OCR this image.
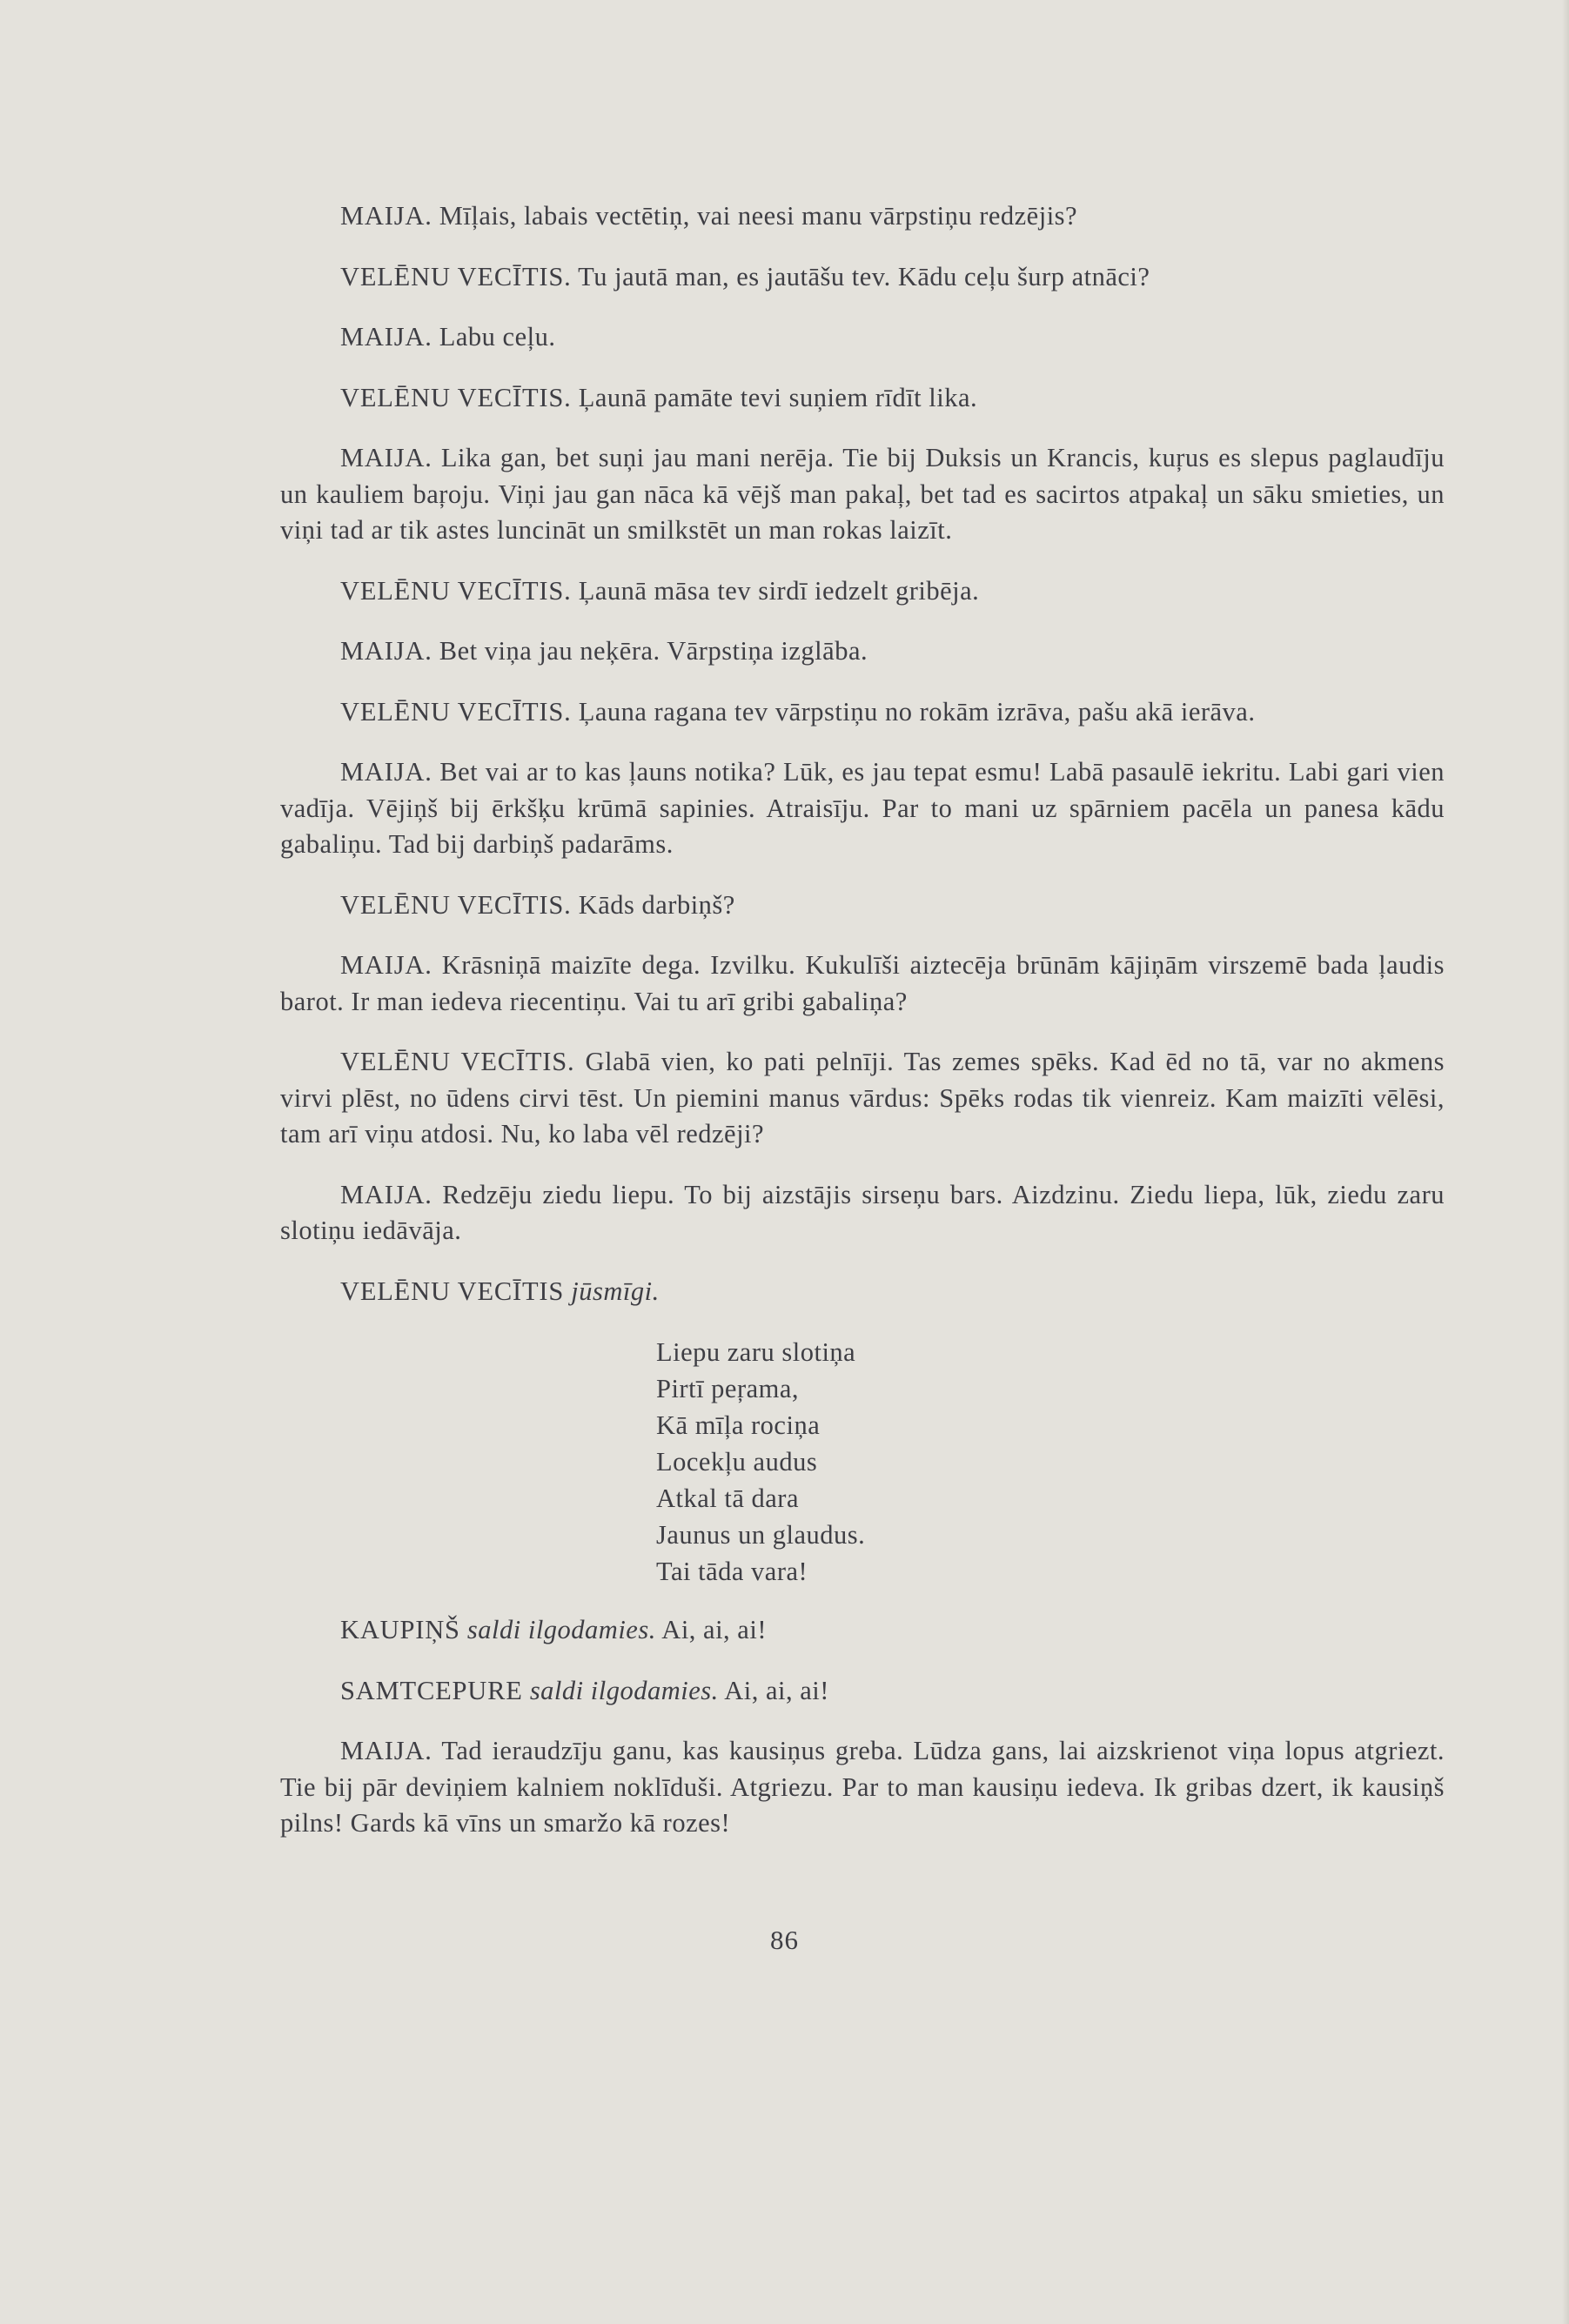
MAIJA. Mīļais, labais vectētiņ, vai neesi manu vārpstiņu redzējis?

VELĒNU VECĪTIS. Tu jautā man, es jautāšu tev. Kādu ceļu šurp atnāci?

MAIJA. Labu ceļu.

VELĒNU VECĪTIS. Ļaunā pamāte tevi suņiem rīdīt lika.

MAIJA. Lika gan, bet suņi jau mani nerēja. Tie bij Duksis un Krancis, kuŗus es slepus paglaudīju un kauliem baŗoju. Viņi jau gan nāca kā vējš man pakaļ, bet tad es sacirtos atpakaļ un sāku smieties, un viņi tad ar tik astes luncināt un smilkstēt un man rokas laizīt.

VELĒNU VECĪTIS. Ļaunā māsa tev sirdī iedzelt gribēja.

MAIJA. Bet viņa jau neķēra. Vārpstiņa izglāba.

VELĒNU VECĪTIS. Ļauna ragana tev vārpstiņu no rokām izrāva, pašu akā ierāva.

MAIJA. Bet vai ar to kas ļauns notika? Lūk, es jau tepat esmu! Labā pasaulē iekritu. Labi gari vien vadīja. Vējiņš bij ērkšķu krūmā sapinies. Atraisīju. Par to mani uz spārniem pacēla un panesa kādu gabaliņu. Tad bij darbiņš padarāms.

VELĒNU VECĪTIS. Kāds darbiņš?

MAIJA. Krāsniņā maizīte dega. Izvilku. Kukulīši aiztecēja brūnām kājiņām virszemē bada ļaudis barot. Ir man iedeva riecentiņu. Vai tu arī gribi gabaliņa?

VELĒNU VECĪTIS. Glabā vien, ko pati pelnīji. Tas zemes spēks. Kad ēd no tā, var no akmens virvi plēst, no ūdens cirvi tēst. Un piemini manus vārdus: Spēks rodas tik vienreiz. Kam maizīti vēlēsi, tam arī viņu atdosi. Nu, ko laba vēl redzēji?

MAIJA. Redzēju ziedu liepu. To bij aizstājis sirseņu bars. Aizdzinu. Ziedu liepa, lūk, ziedu zaru slotiņu iedāvāja.

VELĒNU VECĪTIS jūsmīgi.

Liepu zaru slotiņa
Pirtī peŗama,
Kā mīļa rociņa
Locekļu audus
Atkal tā dara
Jaunus un glaudus.
Tai tāda vara!

KAUPIŅŠ saldi ilgodamies. Ai, ai, ai!

SAMTCEPURE saldi ilgodamies. Ai, ai, ai!

MAIJA. Tad ieraudzīju ganu, kas kausiņus greba. Lūdza gans, lai aizskrienot viņa lopus atgriezt. Tie bij pār deviņiem kalniem noklīduši. Atgriezu. Par to man kausiņu iedeva. Ik gribas dzert, ik kausiņš pilns! Gards kā vīns un smaržo kā rozes!

86
